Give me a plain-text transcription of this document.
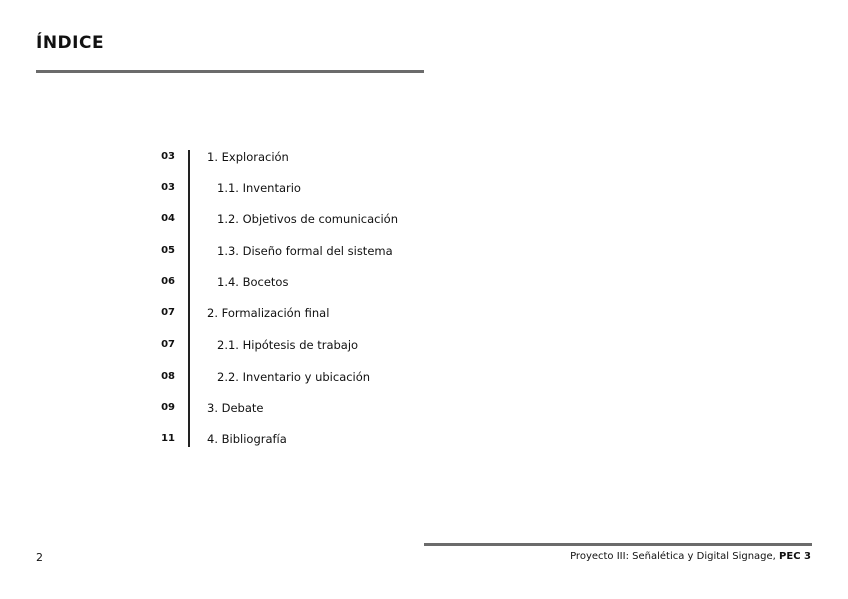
ÍNDICE
03	1. Exploración
03	1.1. Inventario
04	1.2. Objetivos de comunicación
05	1.3. Diseño formal del sistema
06	1.4. Bocetos
07	2. Formalización final
07	2.1. Hipótesis de trabajo
08	2.2. Inventario y ubicación
09	3. Debate
11	4. Bibliografía
2	Proyecto III: Señalética y Digital Signage, PEC 3
